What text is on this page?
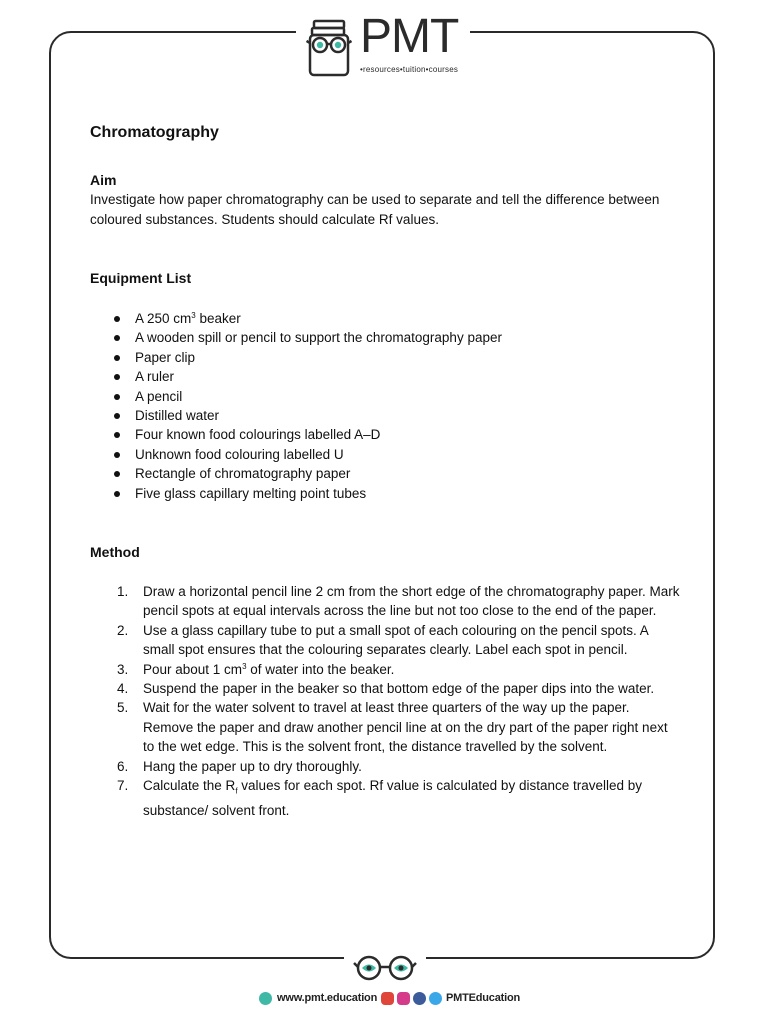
PMT
•resources•tuition•courses
Chromatography
Aim
Investigate how paper chromatography can be used to separate and tell the difference between coloured substances. Students should calculate Rf values.
Equipment List
A 250 $cm^3$ beaker
A wooden spill or pencil to support the chromatography paper
Paper clip
A ruler
A pencil
Distilled water
Four known food colourings labelled A–D
Unknown food colouring labelled U
Rectangle of chromatography paper
Five glass capillary melting point tubes
Method
1. Draw a horizontal pencil line 2 cm from the short edge of the chromatography paper. Mark pencil spots at equal intervals across the line but not too close to the end of the paper.
2. Use a glass capillary tube to put a small spot of each colouring on the pencil spots. A small spot ensures that the colouring separates clearly. Label each spot in pencil.
3. Pour about 1 $cm^3$ of water into the beaker.
4. Suspend the paper in the beaker so that bottom edge of the paper dips into the water.
5. Wait for the water solvent to travel at least three quarters of the way up the paper. Remove the paper and draw another pencil line at on the dry part of the paper right next to the wet edge. This is the solvent front, the distance travelled by the solvent.
6. Hang the paper up to dry thoroughly.
7. Calculate the $R_f$ values for each spot. Rf value is calculated by distance travelled by substance/ solvent front.
www.pmt.education	PMTEducation
